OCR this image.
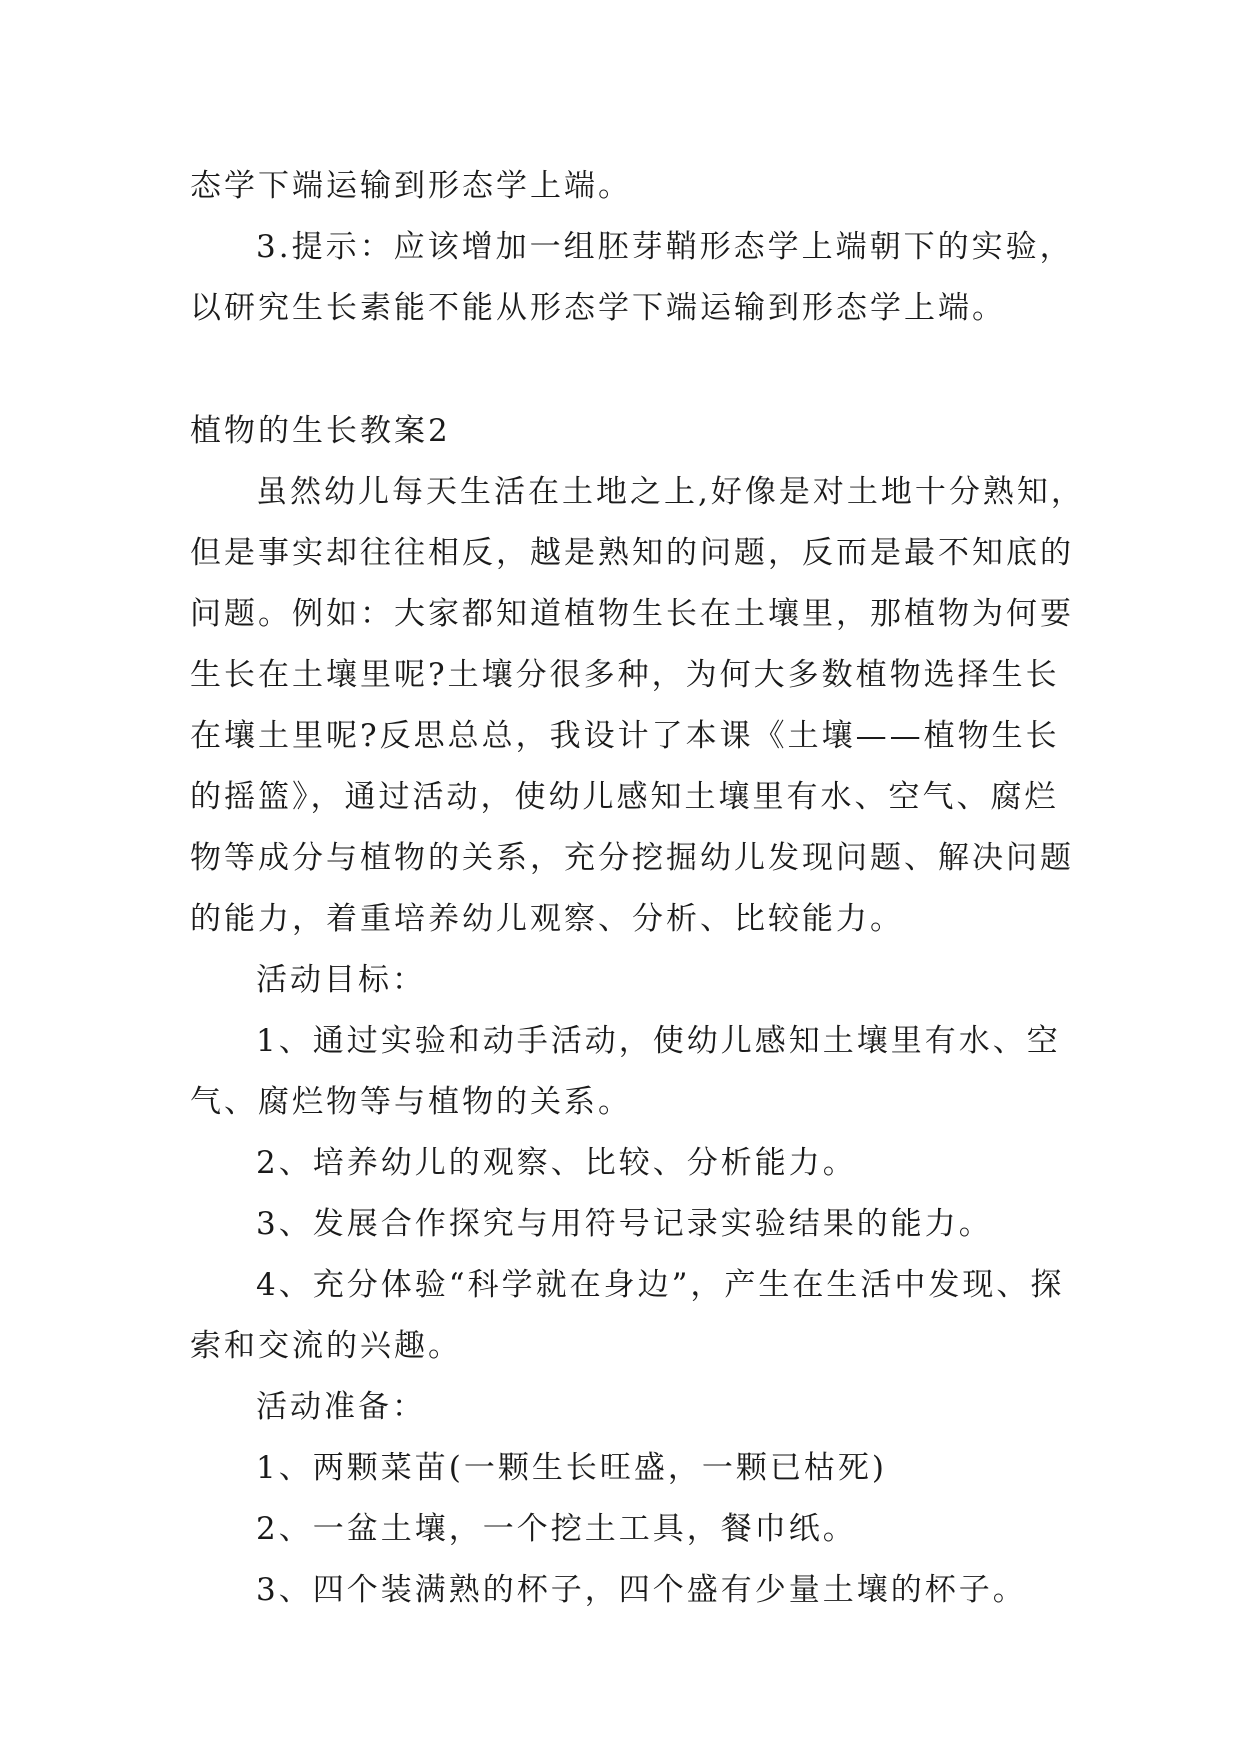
态学下端运输到形态学上端。
3.提示：应该增加一组胚芽鞘形态学上端朝下的实验，
以研究生长素能不能从形态学下端运输到形态学上端。
植物的生长教案2
虽然幼儿每天生活在土地之上,好像是对土地十分熟知，
但是事实却往往相反，越是熟知的问题，反而是最不知底的
问题。例如：大家都知道植物生长在土壤里，那植物为何要
生长在土壤里呢?土壤分很多种，为何大多数植物选择生长
在壤土里呢?反思总总，我设计了本课《土壤——植物生长
的摇篮》，通过活动，使幼儿感知土壤里有水、空气、腐烂
物等成分与植物的关系，充分挖掘幼儿发现问题、解决问题
的能力，着重培养幼儿观察、分析、比较能力。
活动目标：
1、通过实验和动手活动，使幼儿感知土壤里有水、空
气、腐烂物等与植物的关系。
2、培养幼儿的观察、比较、分析能力。
3、发展合作探究与用符号记录实验结果的能力。
4、充分体验“科学就在身边”，产生在生活中发现、探
索和交流的兴趣。
活动准备：
1、两颗菜苗(一颗生长旺盛，一颗已枯死)
2、一盆土壤，一个挖土工具，餐巾纸。
3、四个装满熟的杯子，四个盛有少量土壤的杯子。
